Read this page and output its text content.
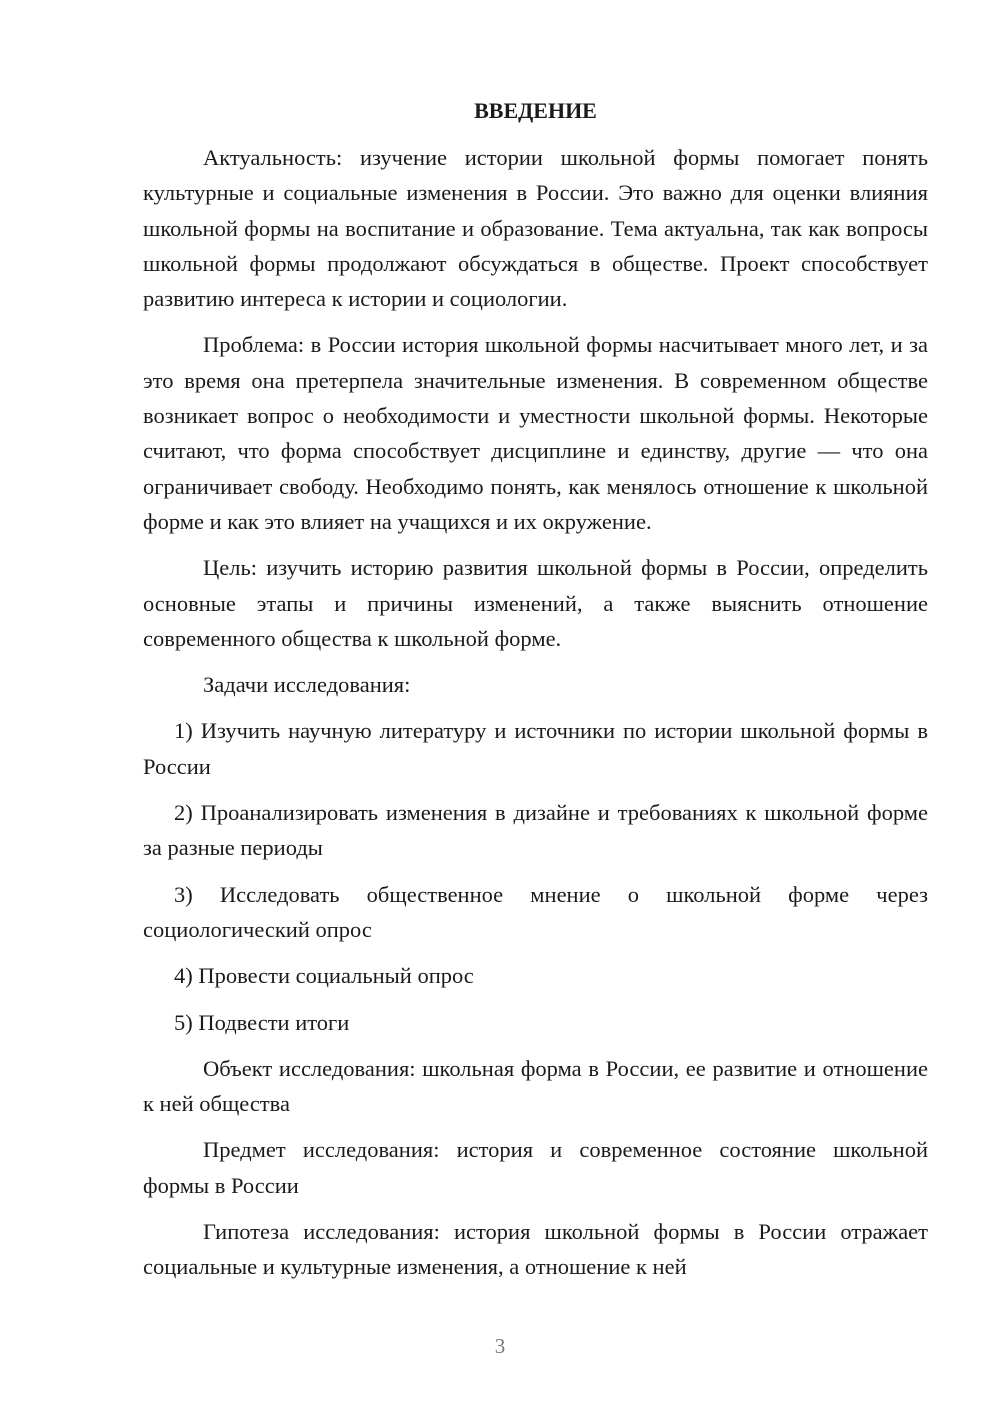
ВВЕДЕНИЕ

Актуальность: изучение истории школьной формы помогает понять культурные и социальные изменения в России. Это важно для оценки влияния школьной формы на воспитание и образование. Тема актуальна, так как вопросы школьной формы продолжают обсуждаться в обществе. Проект способствует развитию интереса к истории и социологии.

Проблема: в России история школьной формы насчитывает много лет, и за это время она претерпела значительные изменения. В современном обществе возникает вопрос о необходимости и уместности школьной формы. Некоторые считают, что форма способствует дисциплине и единству, другие — что она ограничивает свободу. Необходимо понять, как менялось отношение к школьной форме и как это влияет на учащихся и их окружение.

Цель: изучить историю развития школьной формы в России, определить основные этапы и причины изменений, а также выяснить отношение современного общества к школьной форме.

Задачи исследования:

1) Изучить научную литературу и источники по истории школьной формы в России

2) Проанализировать изменения в дизайне и требованиях к школьной форме за разные периоды

3) Исследовать общественное мнение о школьной форме через социологический опрос

4) Провести социальный опрос

5) Подвести итоги

Объект исследования: школьная форма в России, ее развитие и отношение к ней общества

Предмет исследования: история и современное состояние школьной формы в России

Гипотеза исследования: история школьной формы в России отражает социальные и культурные изменения, а отношение к ней

3
